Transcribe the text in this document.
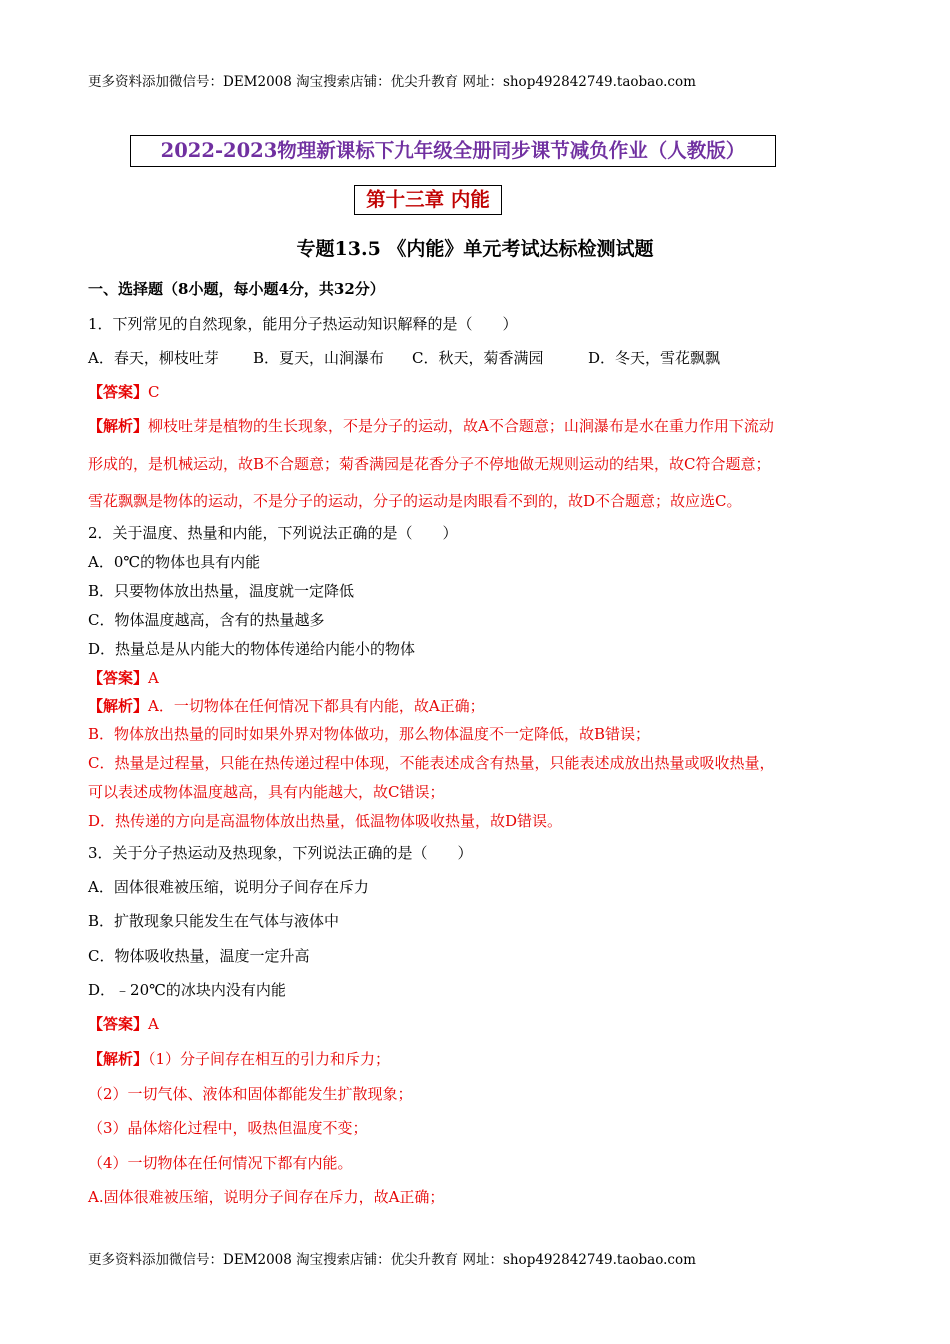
更多资料添加微信号：DEM2008 淘宝搜索店铺：优尖升教育 网址：shop492842749.taobao.com
2022-2023物理新课标下九年级全册同步课节减负作业（人教版）
第十三章 内能
专题13.5 《内能》单元考试达标检测试题
一、选择题（8小题，每小题4分，共32分）
1．下列常见的自然现象，能用分子热运动知识解释的是（　　）
A．春天，柳枝吐芽 B．夏天，山涧瀑布 C．秋天，菊香满园	D．冬天，雪花飘飘
【答案】C
【解析】柳枝吐芽是植物的生长现象，不是分子的运动，故A不合题意；山涧瀑布是水在重力作用下流动
形成的，是机械运动，故B不合题意；菊香满园是花香分子不停地做无规则运动的结果，故C符合题意；
雪花飘飘是物体的运动，不是分子的运动，分子的运动是肉眼看不到的，故D不合题意；故应选C。
2．关于温度、热量和内能，下列说法正确的是（　　）
A．0℃的物体也具有内能
B．只要物体放出热量，温度就一定降低
C．物体温度越高，含有的热量越多
D．热量总是从内能大的物体传递给内能小的物体
【答案】A
【解析】A．一切物体在任何情况下都具有内能，故A正确；
B．物体放出热量的同时如果外界对物体做功，那么物体温度不一定降低，故B错误；
C．热量是过程量，只能在热传递过程中体现，不能表述成含有热量，只能表述成放出热量或吸收热量，
可以表述成物体温度越高，具有内能越大，故C错误；
D．热传递的方向是高温物体放出热量，低温物体吸收热量，故D错误。
3．关于分子热运动及热现象，下列说法正确的是（　　）
A．固体很难被压缩，说明分子间存在斥力
B．扩散现象只能发生在气体与液体中
C．物体吸收热量，温度一定升高
D．﹣20℃的冰块内没有内能
【答案】A
【解析】（1）分子间存在相互的引力和斥力；
（2）一切气体、液体和固体都能发生扩散现象；
（3）晶体熔化过程中，吸热但温度不变；
（4）一切物体在任何情况下都有内能。
A.固体很难被压缩，说明分子间存在斥力，故A正确；
更多资料添加微信号：DEM2008 淘宝搜索店铺：优尖升教育 网址：shop492842749.taobao.com
